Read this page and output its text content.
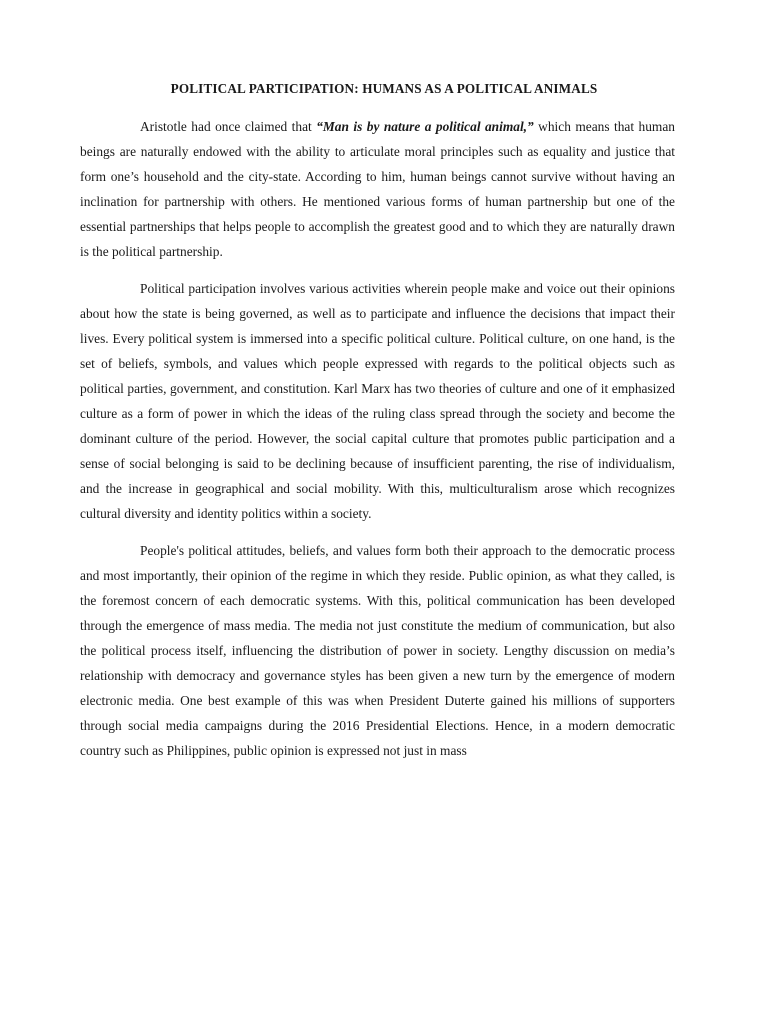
POLITICAL PARTICIPATION: HUMANS AS A POLITICAL ANIMALS

Aristotle had once claimed that “Man is by nature a political animal,” which means that human beings are naturally endowed with the ability to articulate moral principles such as equality and justice that form one’s household and the city-state. According to him, human beings cannot survive without having an inclination for partnership with others. He mentioned various forms of human partnership but one of the essential partnerships that helps people to accomplish the greatest good and to which they are naturally drawn is the political partnership.

Political participation involves various activities wherein people make and voice out their opinions about how the state is being governed, as well as to participate and influence the decisions that impact their lives. Every political system is immersed into a specific political culture. Political culture, on one hand, is the set of beliefs, symbols, and values which people expressed with regards to the political objects such as political parties, government, and constitution. Karl Marx has two theories of culture and one of it emphasized culture as a form of power in which the ideas of the ruling class spread through the society and become the dominant culture of the period. However, the social capital culture that promotes public participation and a sense of social belonging is said to be declining because of insufficient parenting, the rise of individualism, and the increase in geographical and social mobility. With this, multiculturalism arose which recognizes cultural diversity and identity politics within a society.

People's political attitudes, beliefs, and values form both their approach to the democratic process and most importantly, their opinion of the regime in which they reside. Public opinion, as what they called, is the foremost concern of each democratic systems. With this, political communication has been developed through the emergence of mass media. The media not just constitute the medium of communication, but also the political process itself, influencing the distribution of power in society. Lengthy discussion on media’s relationship with democracy and governance styles has been given a new turn by the emergence of modern electronic media. One best example of this was when President Duterte gained his millions of supporters through social media campaigns during the 2016 Presidential Elections. Hence, in a modern democratic country such as Philippines, public opinion is expressed not just in mass
